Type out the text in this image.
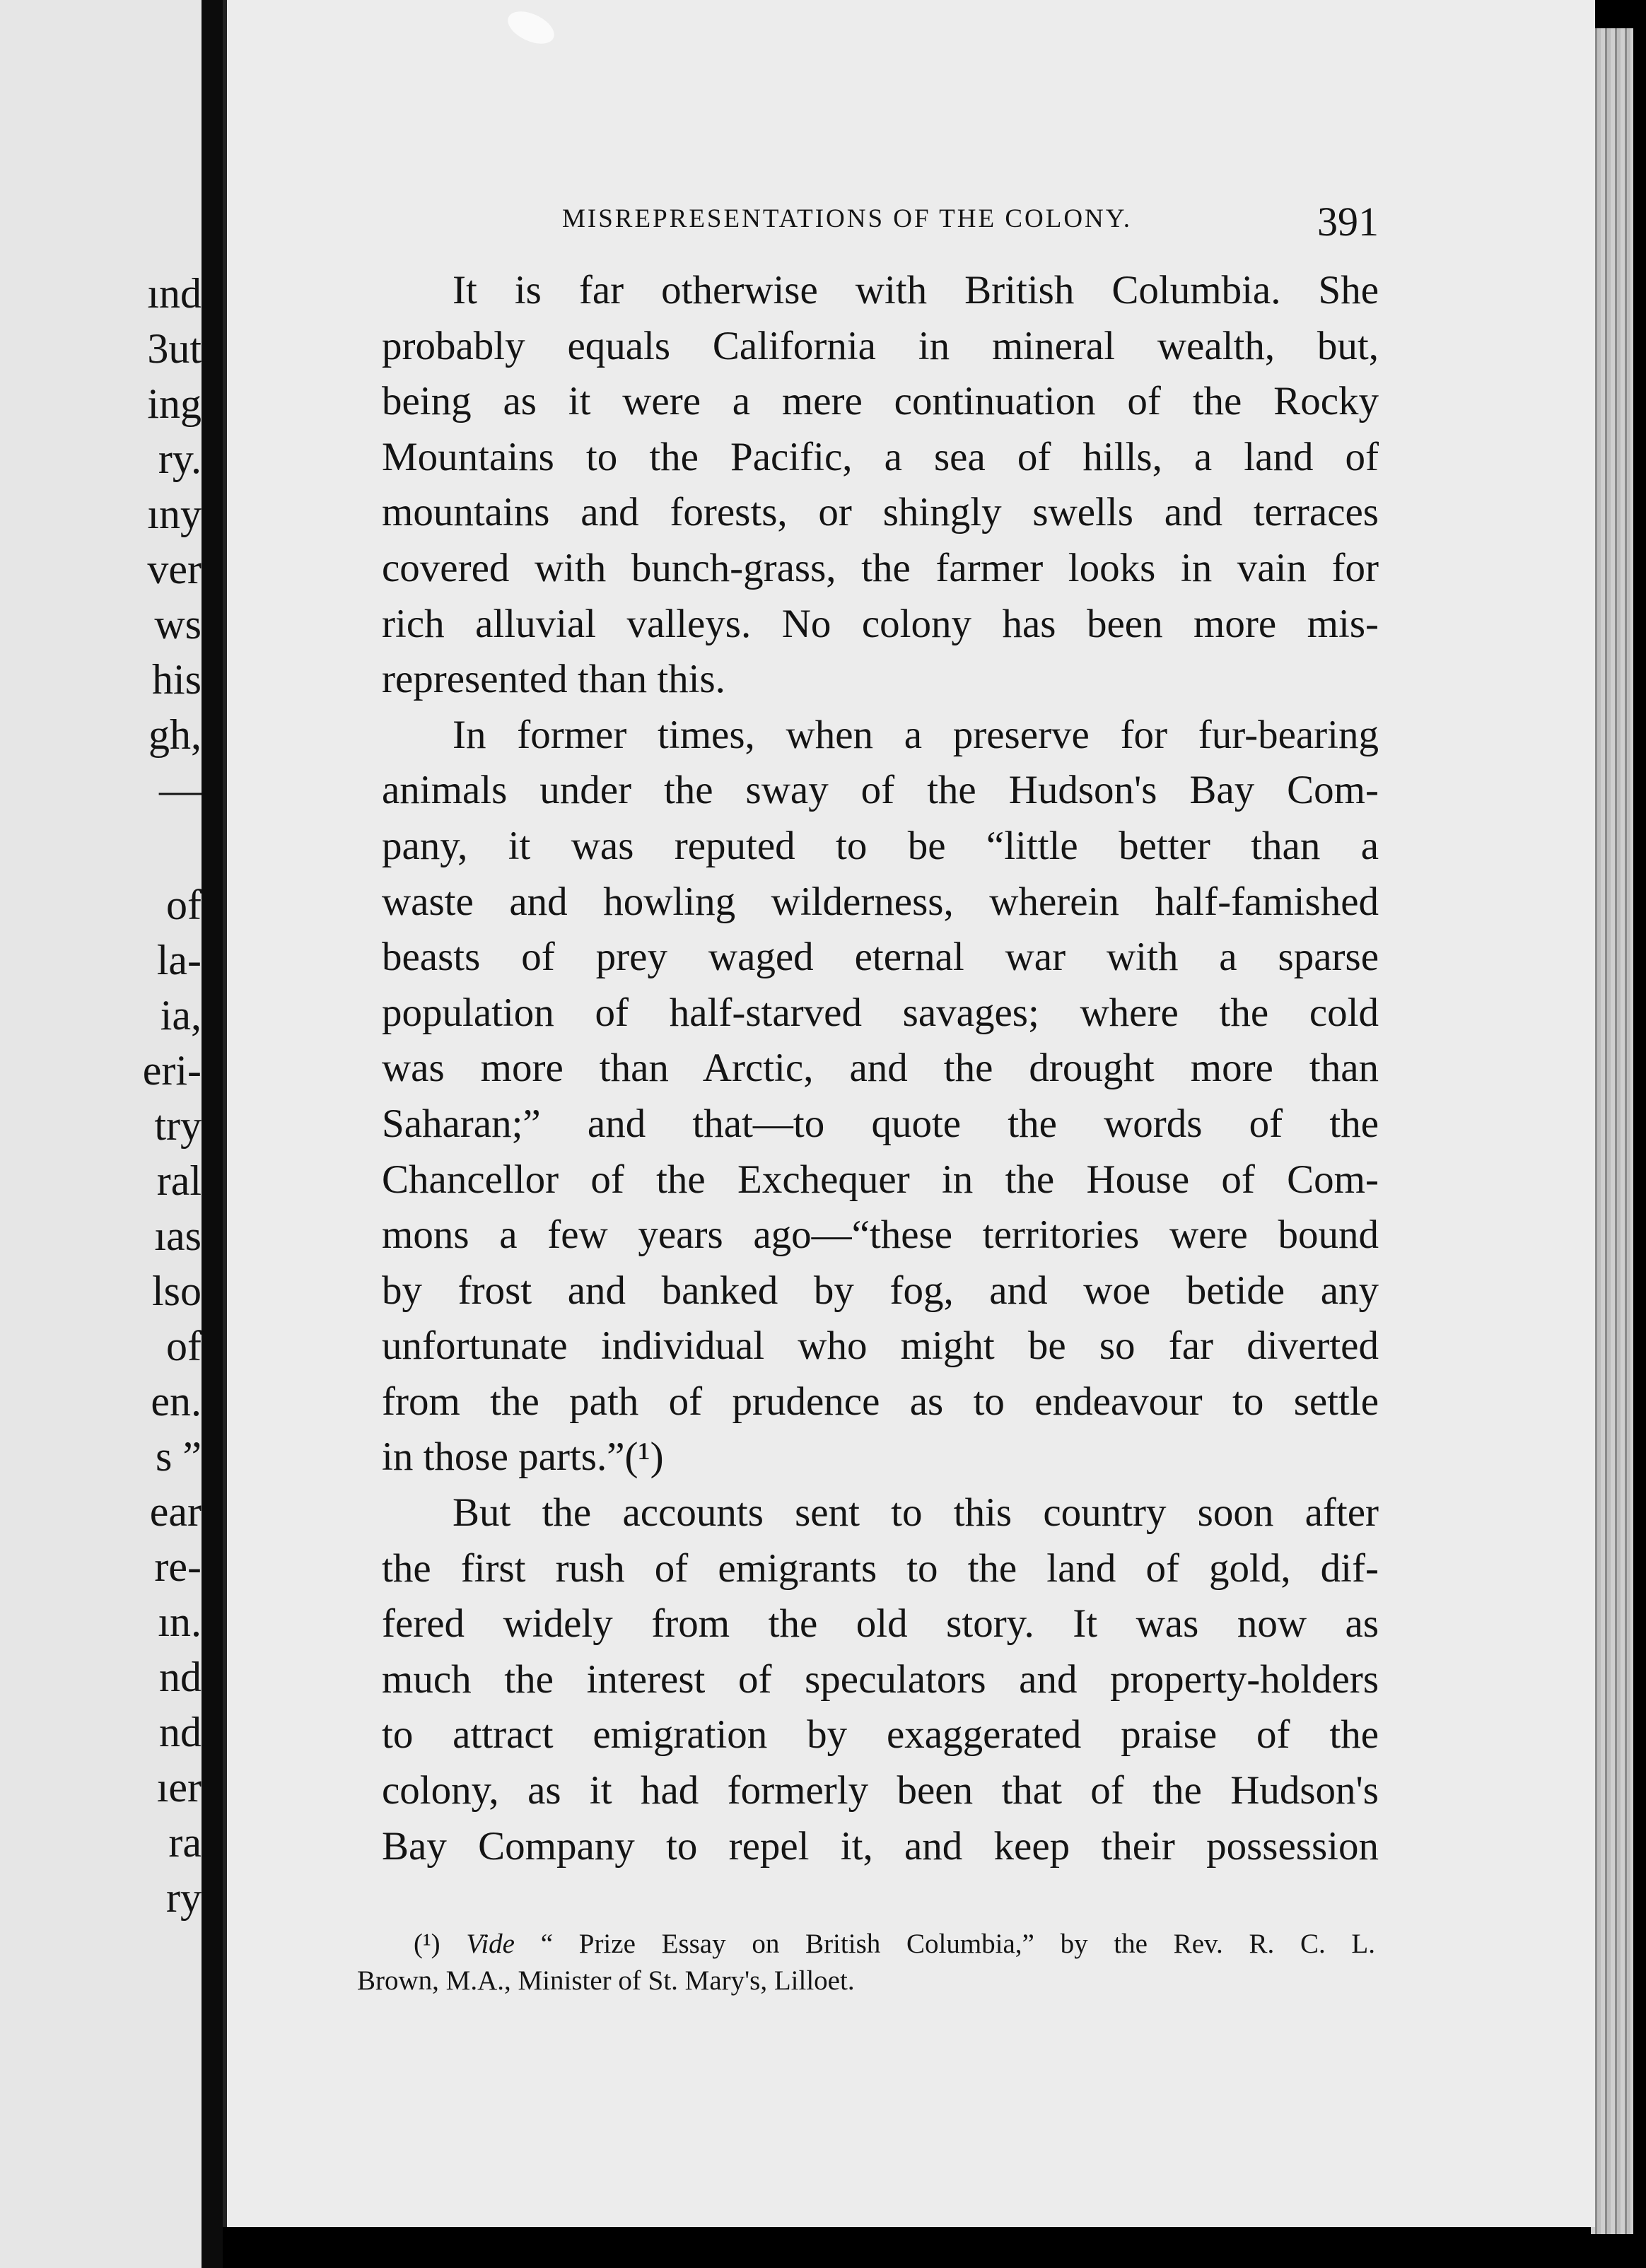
ınd
3ut
ing
ry.
ıny
ver
ws
his
gh,
—
of
la-
ia,
eri-
try
ral
ıas
lso
of
en.
s ”
ear
re-
ın.
nd
nd
ıer
ra
ry
MISREPRESENTATIONS OF THE COLONY.	391
It is far otherwise with British Columbia. She
probably equals California in mineral wealth, but,
being as it were a mere continuation of the Rocky
Mountains to the Pacific, a sea of hills, a land of
mountains and forests, or shingly swells and terraces
covered with bunch-grass, the farmer looks in vain for
rich alluvial valleys. No colony has been more mis-
represented than this.
In former times, when a preserve for fur-bearing
animals under the sway of the Hudson's Bay Com-
pany, it was reputed to be “little better than a
waste and howling wilderness, wherein half-famished
beasts of prey waged eternal war with a sparse
population of half-starved savages; where the cold
was more than Arctic, and the drought more than
Saharan;” and that—to quote the words of the
Chancellor of the Exchequer in the House of Com-
mons a few years ago—“these territories were bound
by frost and banked by fog, and woe betide any
unfortunate individual who might be so far diverted
from the path of prudence as to endeavour to settle
in those parts.”(¹)
But the accounts sent to this country soon after
the first rush of emigrants to the land of gold, dif-
fered widely from the old story. It was now as
much the interest of speculators and property-holders
to attract emigration by exaggerated praise of the
colony, as it had formerly been that of the Hudson's
Bay Company to repel it, and keep their possession
(¹) Vide “ Prize Essay on British Columbia,” by the Rev. R. C. L.
Brown, M.A., Minister of St. Mary's, Lilloet.
